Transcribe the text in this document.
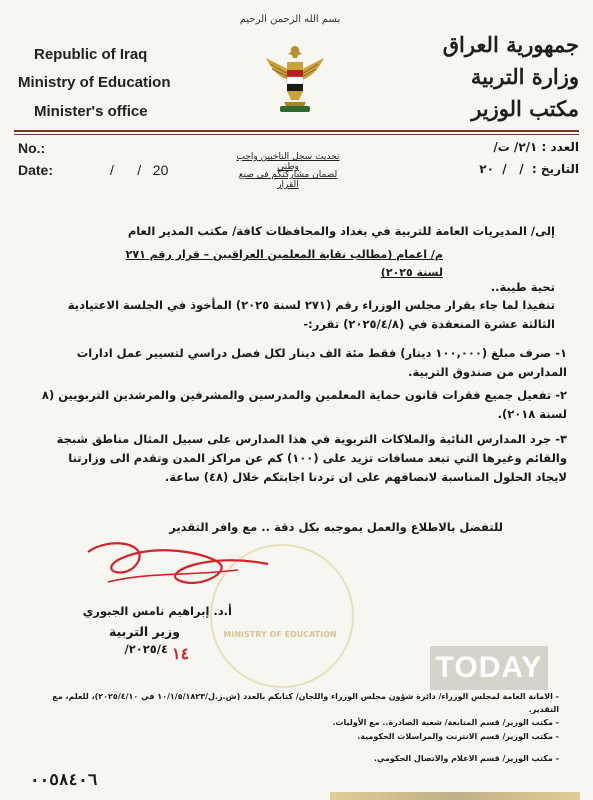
بسم الله الرحمن الرحيم
Republic of Iraq
Ministry of Education
Minister's office
جمهورية العراق
وزارة التربية
مكتب الوزير
No.:
Date:	/      /   20
العدد : ٢/١/ ت/
التاريخ :  /   /  ٢٠
تحديث سجل الناخبين واجب وطني
لضمان مشاركتكم في صنع القرار
إلى/ المديريات العامة للتربية في بغداد والمحافظات كافة/ مكتب المدير العام
م/ اعمام (مطالب نقابة المعلمين العراقيين – قرار رقم ٢٧١ لسنة ٢٠٢٥)
تحية طيبة..
تنفيذا لما جاء بقرار مجلس الوزراء رقم (٢٧١ لسنة ٢٠٢٥) المأخوذ في الجلسة الاعتيادية الثالثة عشرة المنعقدة في (٢٠٢٥/٤/٨) تقرر:-
١- صرف مبلغ (١٠٠,٠٠٠ دينار) فقط مئة الف دينار لكل فصل دراسي لتسيير عمل ادارات المدارس من صندوق التربية.
٢- تفعيل جميع فقرات قانون حماية المعلمين والمدرسين والمشرفين والمرشدين التربويين (٨ لسنة ٢٠١٨).
٣- جرد المدارس النائية والملاكات التربوية في هذا المدارس على سبيل المثال مناطق شبجة والقائم وغيرها التي تبعد مسافات تزيد على (١٠٠) كم عن مراكز المدن وتقدم الى وزارتنا لايجاد الحلول المناسبة لانصافهم على ان تردنا اجابتكم خلال (٤٨) ساعة.
للتفضل بالاطلاع والعمل بموجبه بكل دقة .. مع وافر التقدير
MINISTRY OF EDUCATION
أ.د. إبراهيم نامس الجبوري
وزير التربية
٢٠٢٥/٤/ ١٤	TODAY
- الامانة العامة لمجلس الوزراء/ دائرة شؤون مجلس الوزراء واللجان/ كتابكم بالعدد (ش.ز.ل/١٠/١/٥/١٨٢٣ في ٢٠٢٥/٤/١٠)، للعلم، مع التقدير.
- مكتب الوزير/ قسم المتابعة/ شعبة الصادرة.. مع الأوليات.
- مكتب الوزير/ قسم الانترنت والمراسلات الحكومية.
- مكتب الوزير/ قسم الاعلام والاتصال الحكومي.
٠٠٥٨٤٠٦
